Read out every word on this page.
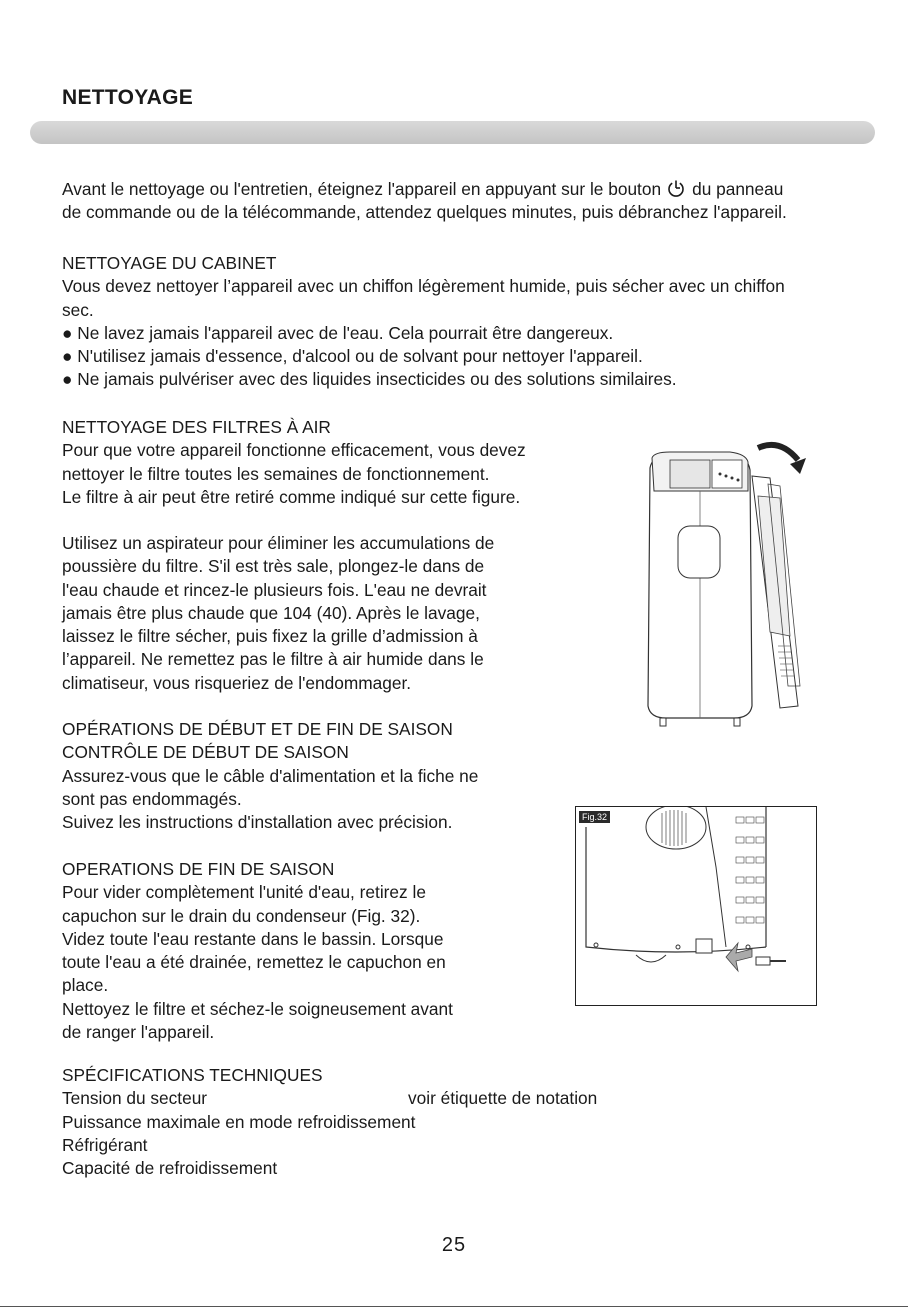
NETTOYAGE

Avant le nettoyage ou l'entretien, éteignez l'appareil en appuyant sur le bouton du panneau

de commande ou de la télécommande, attendez quelques minutes, puis débranchez l'appareil.

NETTOYAGE DU CABINET

Vous devez nettoyer l’appareil avec un chiffon légèrement humide, puis sécher avec un chiffon

sec.

● Ne lavez jamais l'appareil avec de l'eau. Cela pourrait être dangereux.

● N'utilisez jamais d'essence, d'alcool ou de solvant pour nettoyer l'appareil.

● Ne jamais pulvériser avec des liquides insecticides ou des solutions similaires.

NETTOYAGE DES FILTRES À AIR

Pour que votre appareil fonctionne efficacement, vous devez

nettoyer le filtre toutes les semaines de fonctionnement.

Le filtre à air peut être retiré comme indiqué sur cette figure.

Utilisez un aspirateur pour éliminer les accumulations de

poussière du filtre. S'il est très sale, plongez-le dans de

l'eau chaude et rincez-le plusieurs fois. L'eau ne devrait

jamais être plus chaude que 104 (40). Après le lavage,

laissez le filtre sécher, puis fixez la grille d’admission à

l’appareil. Ne remettez pas le filtre à air humide dans le

climatiseur, vous risqueriez de l'endommager.

OPÉRATIONS DE DÉBUT ET DE FIN DE SAISON

CONTRÔLE DE DÉBUT DE SAISON

Assurez-vous que le câble d'alimentation et la fiche ne

sont pas endommagés.

Suivez les instructions d'installation avec précision.

OPERATIONS DE FIN DE SAISON

Pour vider complètement l'unité d'eau, retirez le

capuchon sur le drain du condenseur (Fig. 32).

Videz toute l'eau restante dans le bassin. Lorsque

toute l'eau a été drainée, remettez le capuchon en

place.

Nettoyez le filtre et séchez-le soigneusement avant

de ranger l'appareil.

SPÉCIFICATIONS TECHNIQUES
Tension du secteur	voir étiquette de notation
Puissance maximale en mode refroidissement
Réfrigérant
Capacité de refroidissement
Fig.32
25
